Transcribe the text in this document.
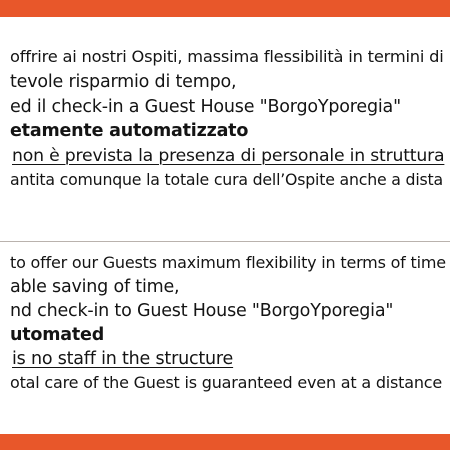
offrire ai nostri Ospiti, massima flessibilità in termini di
tevole risparmio di tempo,
ed il check-in a Guest House "BorgoYporegia"
etamente automatizzato
non è prevista la presenza di personale in struttura
antita comunque la totale cura dell’Ospite anche a dista
to offer our Guests maximum flexibility in terms of time
able saving of time,
nd check-in to Guest House "BorgoYporegia"
utomated
is no staff in the structure
otal care of the Guest is guaranteed even at a distance
